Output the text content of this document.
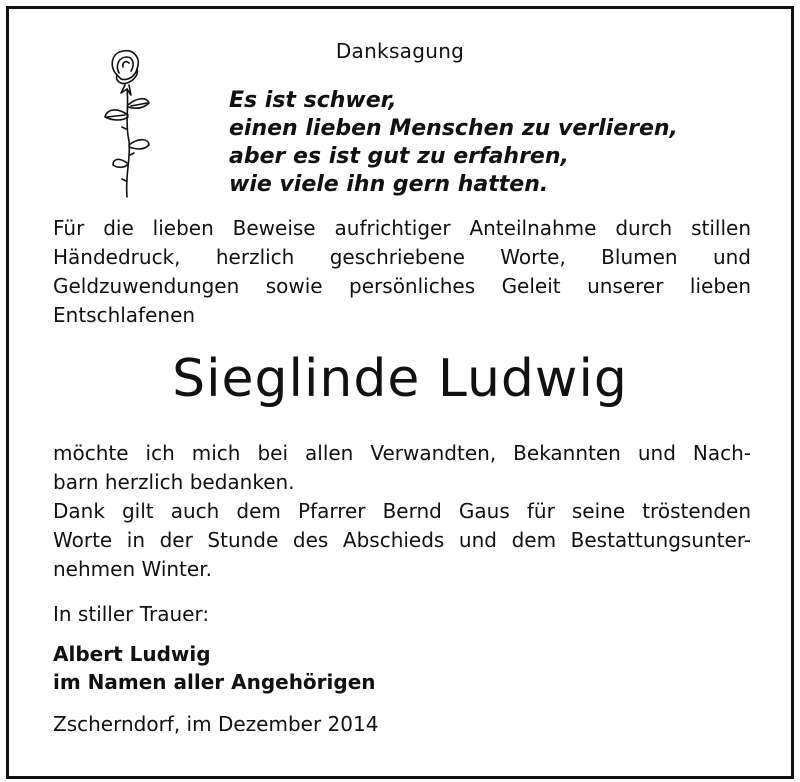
Danksagung
Es ist schwer,
einen lieben Menschen zu verlieren,
aber es ist gut zu erfahren,
wie viele ihn gern hatten.
Für die lieben Beweise aufrichtiger Anteilnahme durch stillen
Händedruck, herzlich geschriebene Worte, Blumen und
Geldzuwendungen sowie persönliches Geleit unserer lieben
Entschlafenen
Sieglinde Ludwig
möchte ich mich bei allen Verwandten, Bekannten und Nach-
barn herzlich bedanken.
Dank gilt auch dem Pfarrer Bernd Gaus für seine tröstenden
Worte in der Stunde des Abschieds und dem Bestattungsunter-
nehmen Winter.
In stiller Trauer:
Albert Ludwig
im Namen aller Angehörigen
Zscherndorf, im Dezember 2014
